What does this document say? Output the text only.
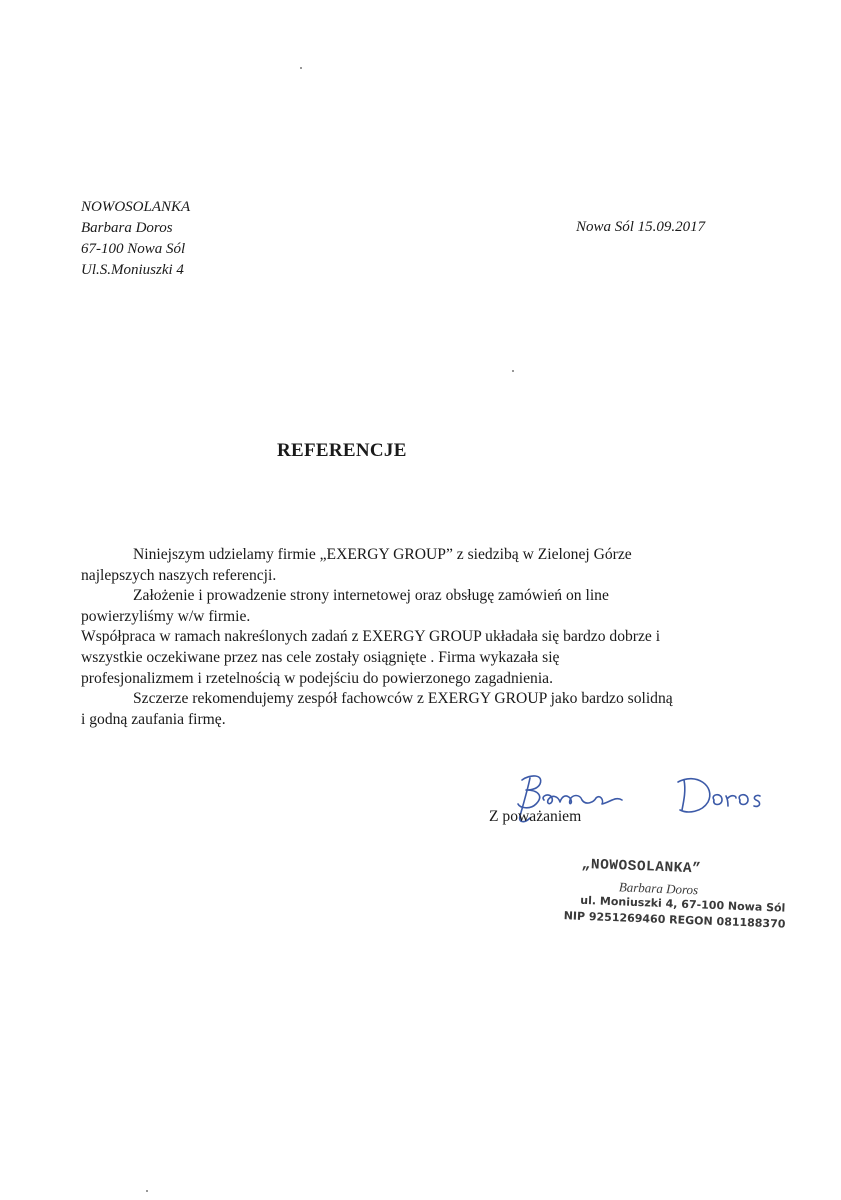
NOWOSOLANKA
Barbara Doros
67-100 Nowa Sól
Ul.S.Moniuszki 4
Nowa Sól 15.09.2017
REFERENCJE
Niniejszym udzielamy firmie „EXERGY GROUP” z siedzibą w Zielonej Górze
najlepszych naszych referencji.
Założenie i prowadzenie strony internetowej oraz obsługę zamówień on line
powierzyliśmy w/w firmie.
Współpraca w ramach nakreślonych zadań z EXERGY GROUP układała się bardzo dobrze i
wszystkie oczekiwane przez nas cele zostały osiągnięte . Firma wykazała się
profesjonalizmem i rzetelnością w podejściu do powierzonego zagadnienia.
Szczerze rekomendujemy zespół fachowców z EXERGY GROUP jako bardzo solidną
i godną zaufania firmę.
Z poważaniem
„NOWOSOLANKA”
Barbara Doros
ul. Moniuszki 4, 67-100 Nowa Sól
NIP 9251269460 REGON 081188370
